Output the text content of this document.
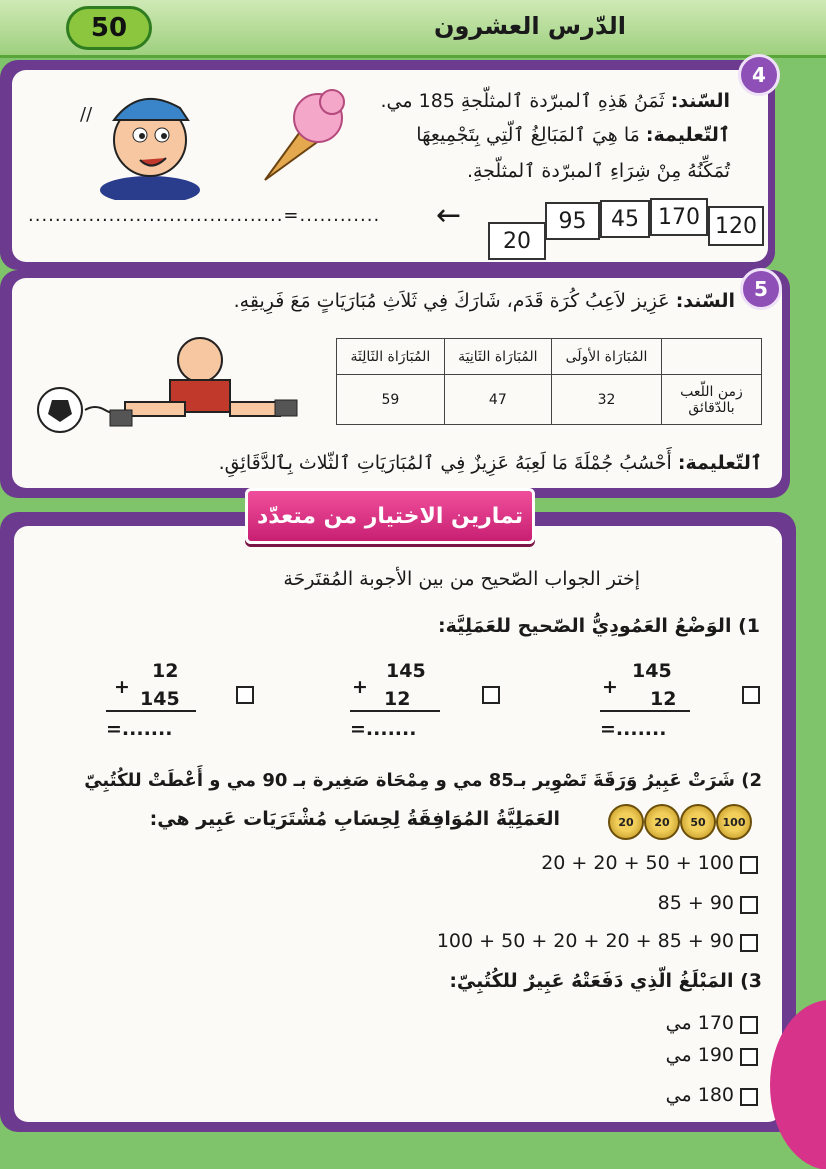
50	الدّرس العشرون
4
//
السّند: ثَمَنُ هَذِهِ ٱلمبرّدة ٱلمثلّجةِ 185 مي.
ٱلتّعليمة: مَا هِيَ ٱلمَبَالِغُ ٱلّتِي بِتَجْمِيعِهَا
تُمَكِّنُهُ مِنْ شِرَاءِ ٱلمبرّدة ٱلمثلّجةِ.
......................................=............	←	120
170
45
95
20
5
السّند: عَزِيز لاَعِبُ كُرَة قَدَم، شَارَكَ فِي ثَلاَثِ مُبَارَيَاتٍ مَعَ فَرِيقِهِ.
	المُبَارَاة الأولَى	المُبَارَاة الثَانِيَة	المُبَارَاة الثَالِثَة
زمن اللّعب بالدّقائق	32	47	59
ٱلتّعليمة: أَحْسُبُ جُمْلَةَ مَا لَعِبَهُ عَزِيزٌ فِي ٱلمُبَارَيَاتِ ٱلثّلاث بِٱلدَّقَائِقِ.
تمارين الاختيار من متعدّد
إختر الجواب الصّحيح من بين الأجوبة المُقتَرحَة
1) الوَضْعُ العَمُودِيُّ الصّحيح للعَمَلِيَّة:
145
+
12
=.......
145
+
12
=.......
12
+
145
=.......
2) شَرَتْ عَبِيرُ وَرَقَةَ تَصْوِير بـ85 مي و مِمْحَاة صَغِيرة بـ 90 مي و أَعْطَتْ للكُتُبِيّ
العَمَلِيَّةُ المُوَافِقَةُ لِحِسَابِ مُشْتَرَيَات عَبِير هي:	100
50
20
20
20 + 20 + 50 + 100
85 + 90
100 + 50 + 20 + 20 + 85 + 90
3) المَبْلَغُ الّذِي دَفَعَتْهُ عَبِيرٌ للكُتُبِيّ:
170 مي
190 مي
180 مي
